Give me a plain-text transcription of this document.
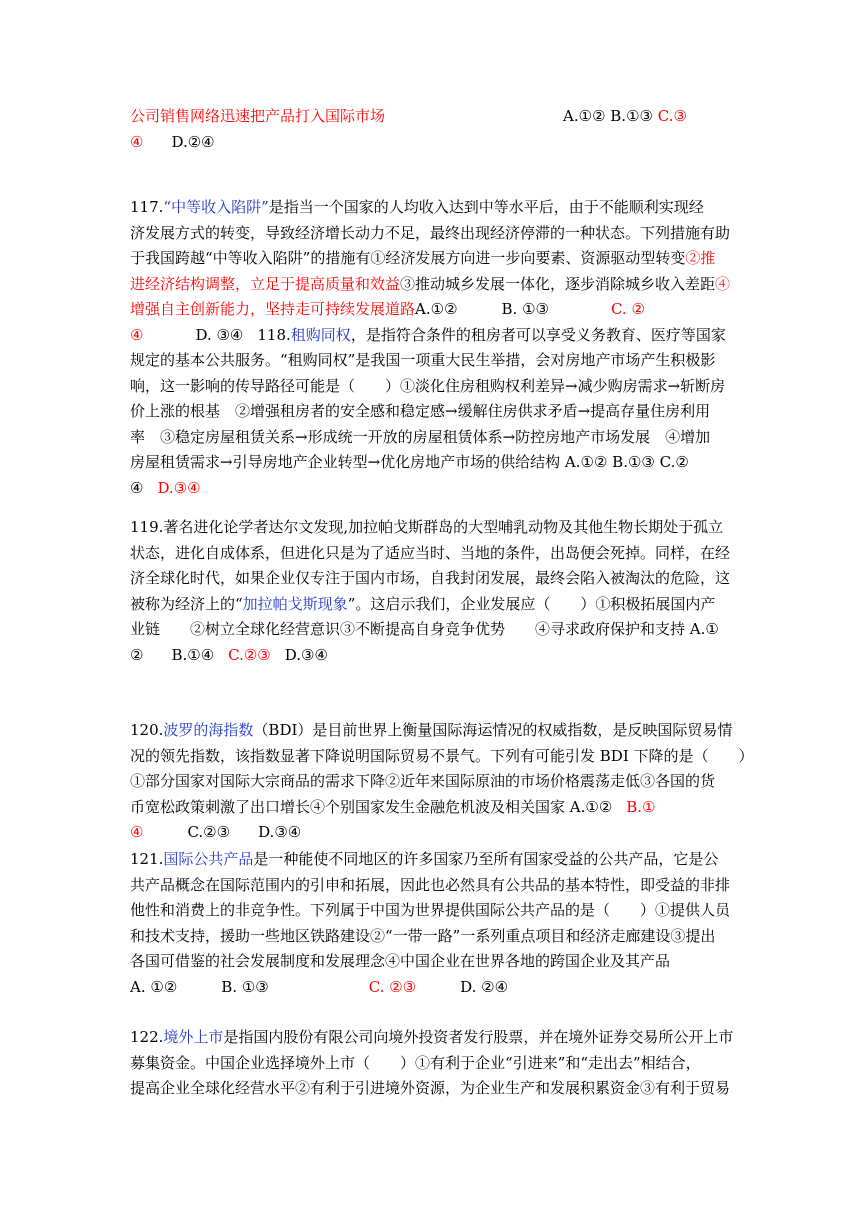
公司销售网络迅速把产品打入国际市场	A.①② B.①③ C.③
④ D.②④
117.“中等收入陷阱”是指当一个国家的人均收入达到中等水平后，由于不能顺利实现经
济发展方式的转变，导致经济增长动力不足，最终出现经济停滞的一种状态。下列措施有助
于我国跨越“中等收入陷阱”的措施有①经济发展方向进一步向要素、资源驱动型转变②推
进经济结构调整，立足于提高质量和效益③推动城乡发展一体化，逐步消除城乡收入差距④
增强自主创新能力，坚持走可持续发展道路A.①②	B. ①③	C. ②
④	D. ③④ 118.租购同权，是指符合条件的租房者可以享受义务教育、医疗等国家
规定的基本公共服务。“租购同权”是我国一项重大民生举措，会对房地产市场产生积极影
响，这一影响的传导路径可能是（　　）①淡化住房租购权利差异→减少购房需求→斩断房
价上涨的根基　②增强租房者的安全感和稳定感→缓解住房供求矛盾→提高存量住房利用
率　③稳定房屋租赁关系→形成统一开放的房屋租赁体系→防控房地产市场发展　④增加
房屋租赁需求→引导房地产企业转型→优化房地产市场的供给结构 A.①② B.①③ C.②
④ D.③④
119.著名进化论学者达尔文发现,加拉帕戈斯群岛的大型哺乳动物及其他生物长期处于孤立
状态，进化自成体系，但进化只是为了适应当时、当地的条件，出岛便会死掉。同样，在经
济全球化时代，如果企业仅专注于国内市场，自我封闭发展，最终会陷入被淘汰的危险，这
被称为经济上的“加拉帕戈斯现象”。这启示我们，企业发展应（　　）①积极拓展国内产
业链　　②树立全球化经营意识③不断提高自身竞争优势　　④寻求政府保护和支持 A.①
② B.①④ C.②③ D.③④
120.波罗的海指数（BDI）是目前世界上衡量国际海运情况的权威指数，是反映国际贸易情
况的领先指数，该指数显著下降说明国际贸易不景气。下列有可能引发 BDI 下降的是（　　）
①部分国家对国际大宗商品的需求下降②近年来国际原油的市场价格震荡走低③各国的货
币宽松政策刺激了出口增长④个别国家发生金融危机波及相关国家 A.①② B.①
④	C.②③ D.③④
121.国际公共产品是一种能使不同地区的许多国家乃至所有国家受益的公共产品，它是公
共产品概念在国际范围内的引申和拓展，因此也必然具有公共品的基本特性，即受益的非排
他性和消费上的非竞争性。下列属于中国为世界提供国际公共产品的是（　　）①提供人员
和技术支持，援助一些地区铁路建设②“一带一路”一系列重点项目和经济走廊建设③提出
各国可借鉴的社会发展制度和发展理念④中国企业在世界各地的跨国企业及其产品
A. ①②	B. ①③	C. ②③	D. ②④
122.境外上市是指国内股份有限公司向境外投资者发行股票，并在境外证券交易所公开上市
募集资金。中国企业选择境外上市（　　）①有利于企业“引进来”和“走出去”相结合，
提高企业全球化经营水平②有利于引进境外资源，为企业生产和发展积累资金③有利于贸易
